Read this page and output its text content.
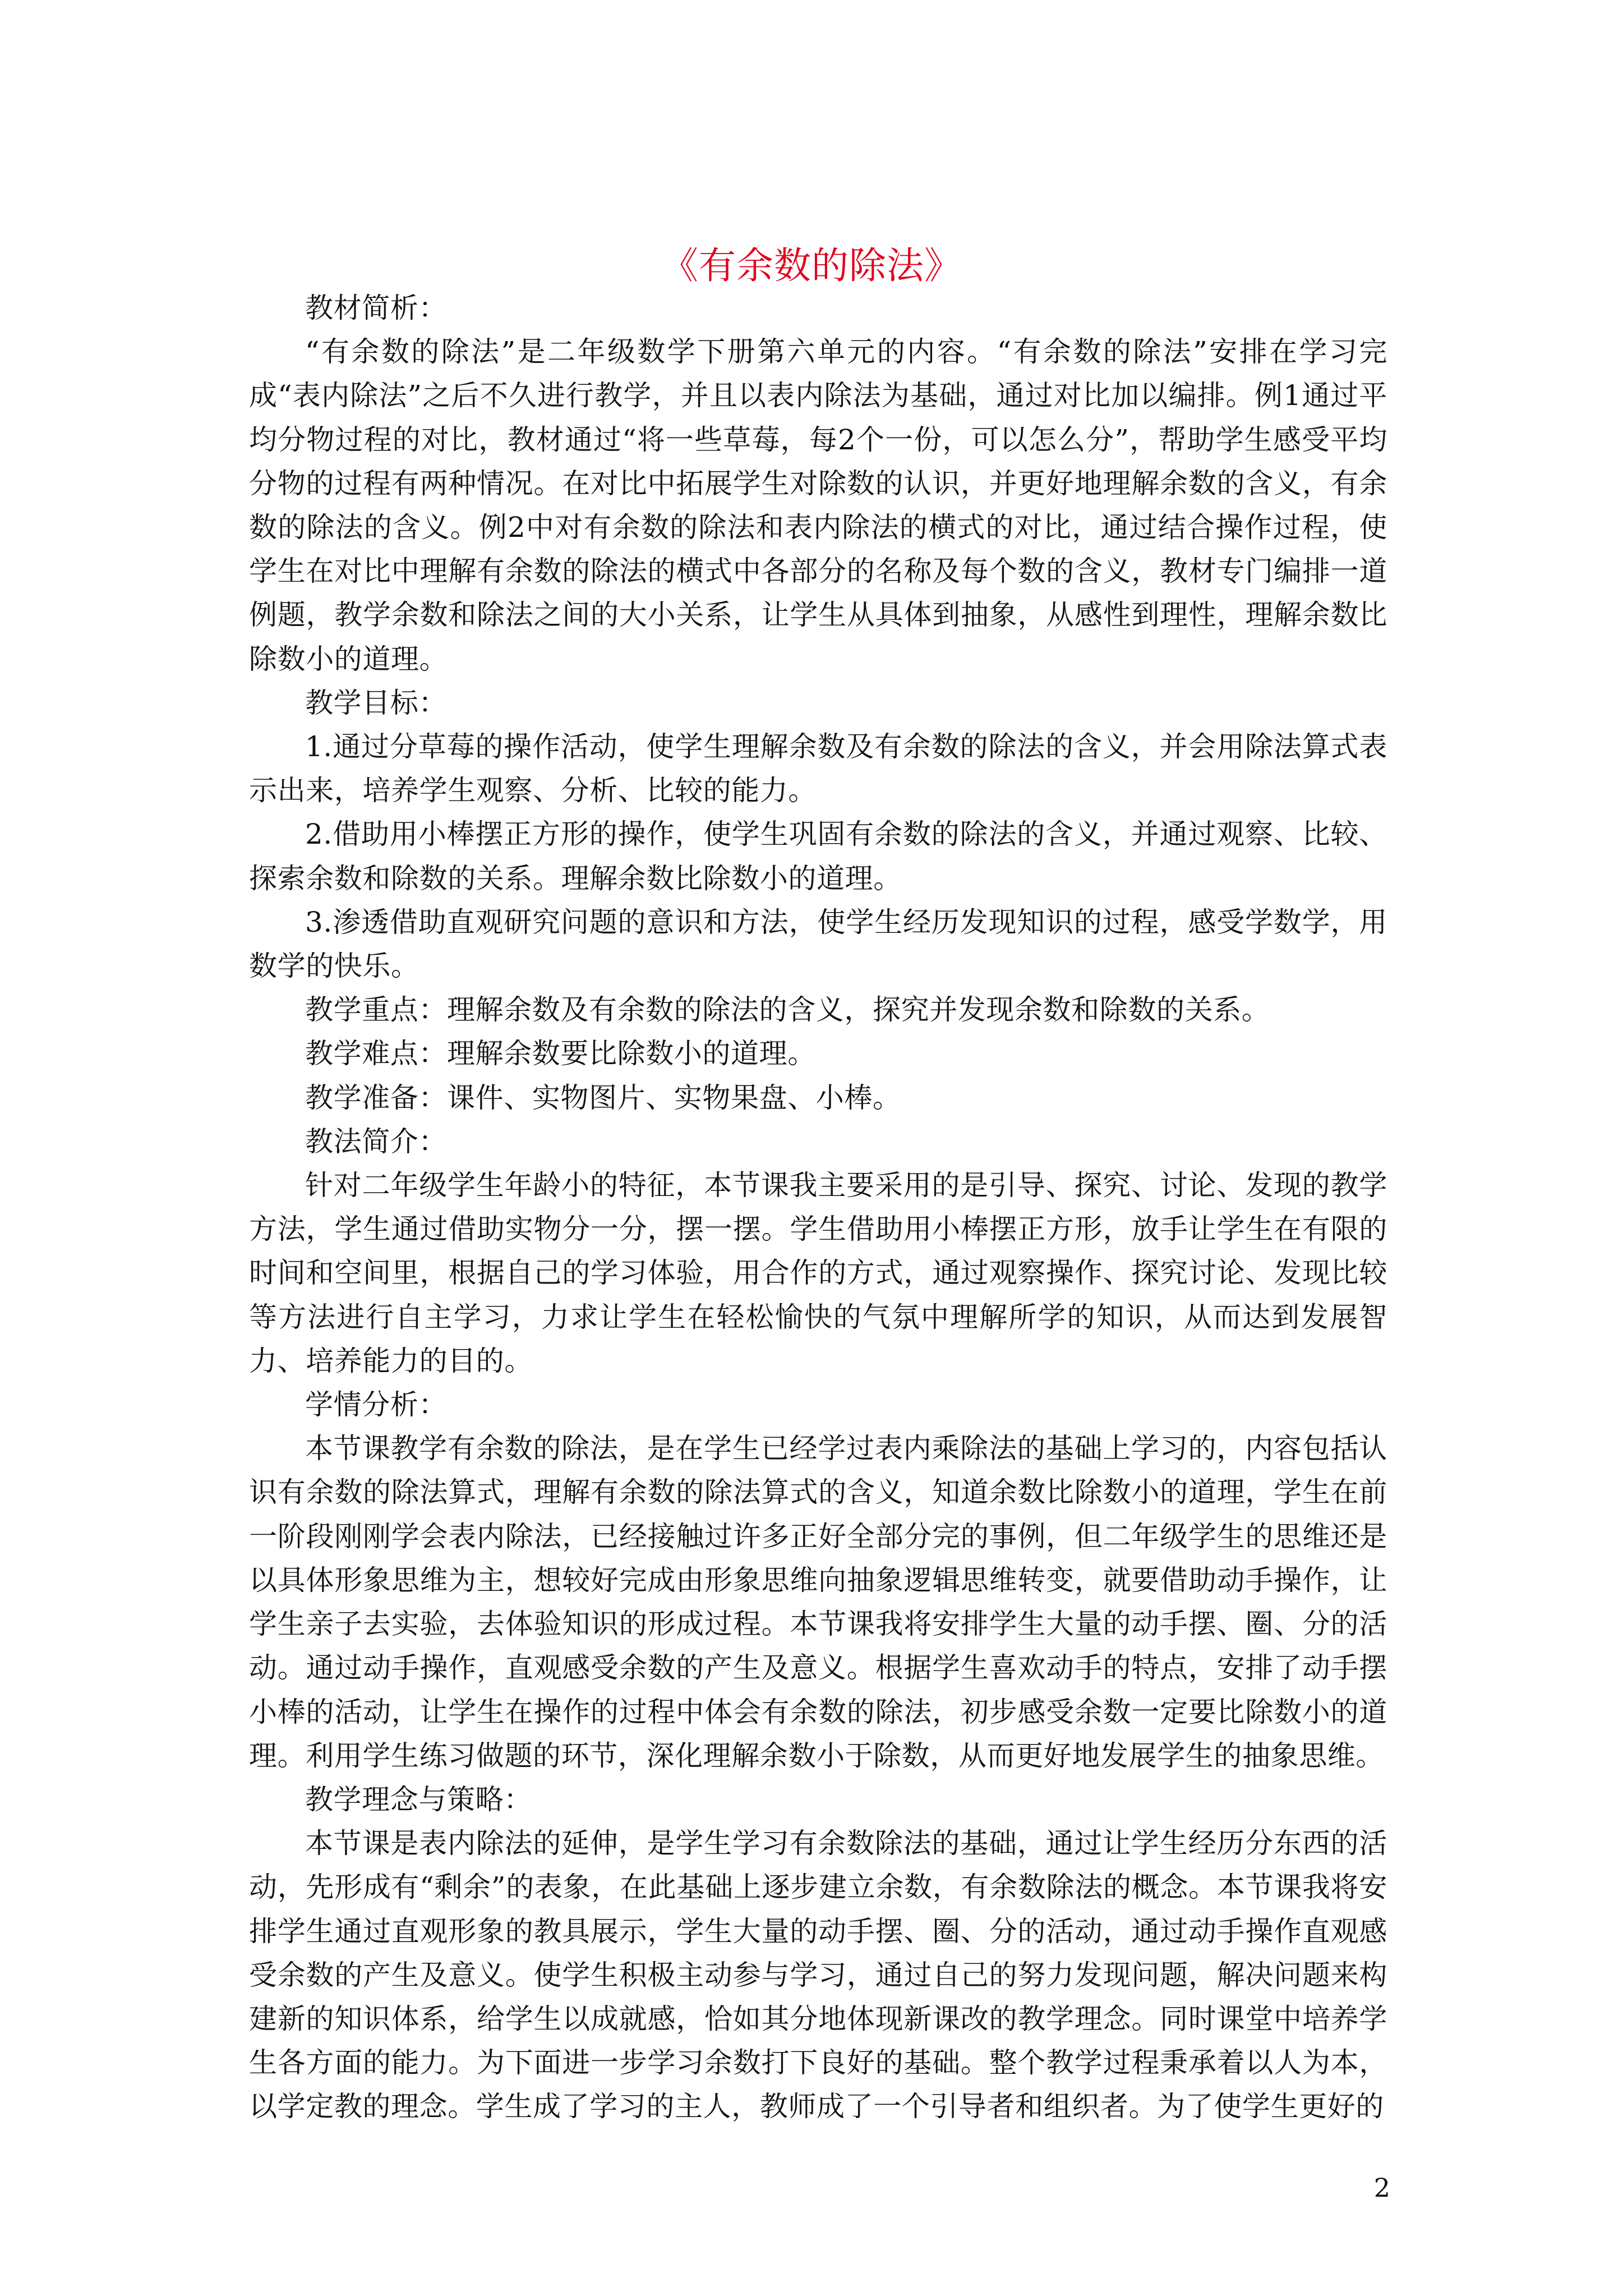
《有余数的除法》

教材简析：

“有余数的除法”是二年级数学下册第六单元的内容。“有余数的除法”安排在学习完成“表内除法”之后不久进行教学，并且以表内除法为基础，通过对比加以编排。例1通过平均分物过程的对比，教材通过“将一些草莓，每2个一份，可以怎么分”，帮助学生感受平均分物的过程有两种情况。在对比中拓展学生对除数的认识，并更好地理解余数的含义，有余数的除法的含义。例2中对有余数的除法和表内除法的横式的对比，通过结合操作过程，使学生在对比中理解有余数的除法的横式中各部分的名称及每个数的含义，教材专门编排一道例题，教学余数和除法之间的大小关系，让学生从具体到抽象，从感性到理性，理解余数比除数小的道理。

教学目标：

1.通过分草莓的操作活动，使学生理解余数及有余数的除法的含义，并会用除法算式表示出来，培养学生观察、分析、比较的能力。

2.借助用小棒摆正方形的操作，使学生巩固有余数的除法的含义，并通过观察、比较、探索余数和除数的关系。理解余数比除数小的道理。

3.渗透借助直观研究问题的意识和方法，使学生经历发现知识的过程，感受学数学，用数学的快乐。

教学重点：理解余数及有余数的除法的含义，探究并发现余数和除数的关系。

教学难点：理解余数要比除数小的道理。

教学准备：课件、实物图片、实物果盘、小棒。

教法简介：

针对二年级学生年龄小的特征，本节课我主要采用的是引导、探究、讨论、发现的教学方法，学生通过借助实物分一分，摆一摆。学生借助用小棒摆正方形，放手让学生在有限的时间和空间里，根据自己的学习体验，用合作的方式，通过观察操作、探究讨论、发现比较等方法进行自主学习，力求让学生在轻松愉快的气氛中理解所学的知识，从而达到发展智力、培养能力的目的。

学情分析：

本节课教学有余数的除法，是在学生已经学过表内乘除法的基础上学习的，内容包括认识有余数的除法算式，理解有余数的除法算式的含义，知道余数比除数小的道理，学生在前一阶段刚刚学会表内除法，已经接触过许多正好全部分完的事例，但二年级学生的思维还是以具体形象思维为主，想较好完成由形象思维向抽象逻辑思维转变，就要借助动手操作，让学生亲子去实验，去体验知识的形成过程。本节课我将安排学生大量的动手摆、圈、分的活动。通过动手操作，直观感受余数的产生及意义。根据学生喜欢动手的特点，安排了动手摆小棒的活动，让学生在操作的过程中体会有余数的除法，初步感受余数一定要比除数小的道理。利用学生练习做题的环节，深化理解余数小于除数，从而更好地发展学生的抽象思维。

教学理念与策略：

本节课是表内除法的延伸，是学生学习有余数除法的基础，通过让学生经历分东西的活动，先形成有“剩余”的表象，在此基础上逐步建立余数，有余数除法的概念。本节课我将安排学生通过直观形象的教具展示，学生大量的动手摆、圈、分的活动，通过动手操作直观感受余数的产生及意义。使学生积极主动参与学习，通过自己的努力发现问题，解决问题来构建新的知识体系，给学生以成就感，恰如其分地体现新课改的教学理念。同时课堂中培养学生各方面的能力。为下面进一步学习余数打下良好的基础。整个教学过程秉承着以人为本，以学定教的理念。学生成了学习的主人，教师成了一个引导者和组织者。为了使学生更好的

2
